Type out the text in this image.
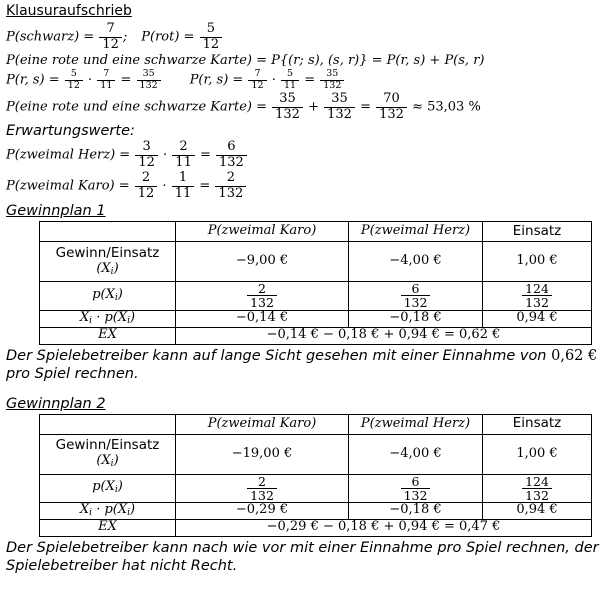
Klausuraufschrieb
P(schwarz) = $\frac{7}{12}$ ; $P(rot) = \frac{5}{12}$
P(eine rote und eine schwarze Karte) = P{(r; s), (s, r)} = P(r, s) + P(s, r)
P(r, $s) = \frac{5}{12} \cdot \frac{7}{11} = \frac{35}{132} P(r$, $s) = \frac{7}{12} \cdot \frac{5}{11} = \frac{35}{132}$
P(eine rote und eine schwarze Karte) = $\frac{35}{132} + \frac{35}{132} = \frac{70}{132} \approx 53,03$ %
Erwartungswerte:
P(zweimal Herz) = $\frac{3}{12} \cdot \frac{2}{11} = \frac{6}{132}$
P(zweimal Karo) = $\frac{2}{12} \cdot \frac{1}{11} = \frac{2}{132}$
Gewinnplan 1
	P(zweimal Karo)	P(zweimal Herz)	Einsatz
Gewinn/Einsatz
(Xi)	−9,00 €	−4,00 €	1,00 €
p(Xi)	$\frac{2}{132}$	$\frac{6}{132}$	$\frac{124}{132}$

Xi · p(Xi)	−0,14 €	−0,18 €	0,94 €
EX	−0,14 € − 0,18 € + 0,94 € = 0,62 €		

Der Spielebetreiber kann auf lange Sicht gesehen mit einer Einnahme von 0,62 € pro Spiel rechnen.

Gewinnplan 2
	P(zweimal Karo)	P(zweimal Herz)	Einsatz
Gewinn/Einsatz
(Xi)	−19,00 €	−4,00 €	1,00 €
p(Xi)	$\frac{2}{132}$	$\frac{6}{132}$	$\frac{124}{132}$

Xi · p(Xi)	−0,29 €	−0,18 €	0,94 €
EX	−0,29 € − 0,18 € + 0,94 € = 0,47 €		

Der Spielebetreiber kann nach wie vor mit einer Einnahme pro Spiel rechnen, der Spielebetreiber hat nicht Recht.
